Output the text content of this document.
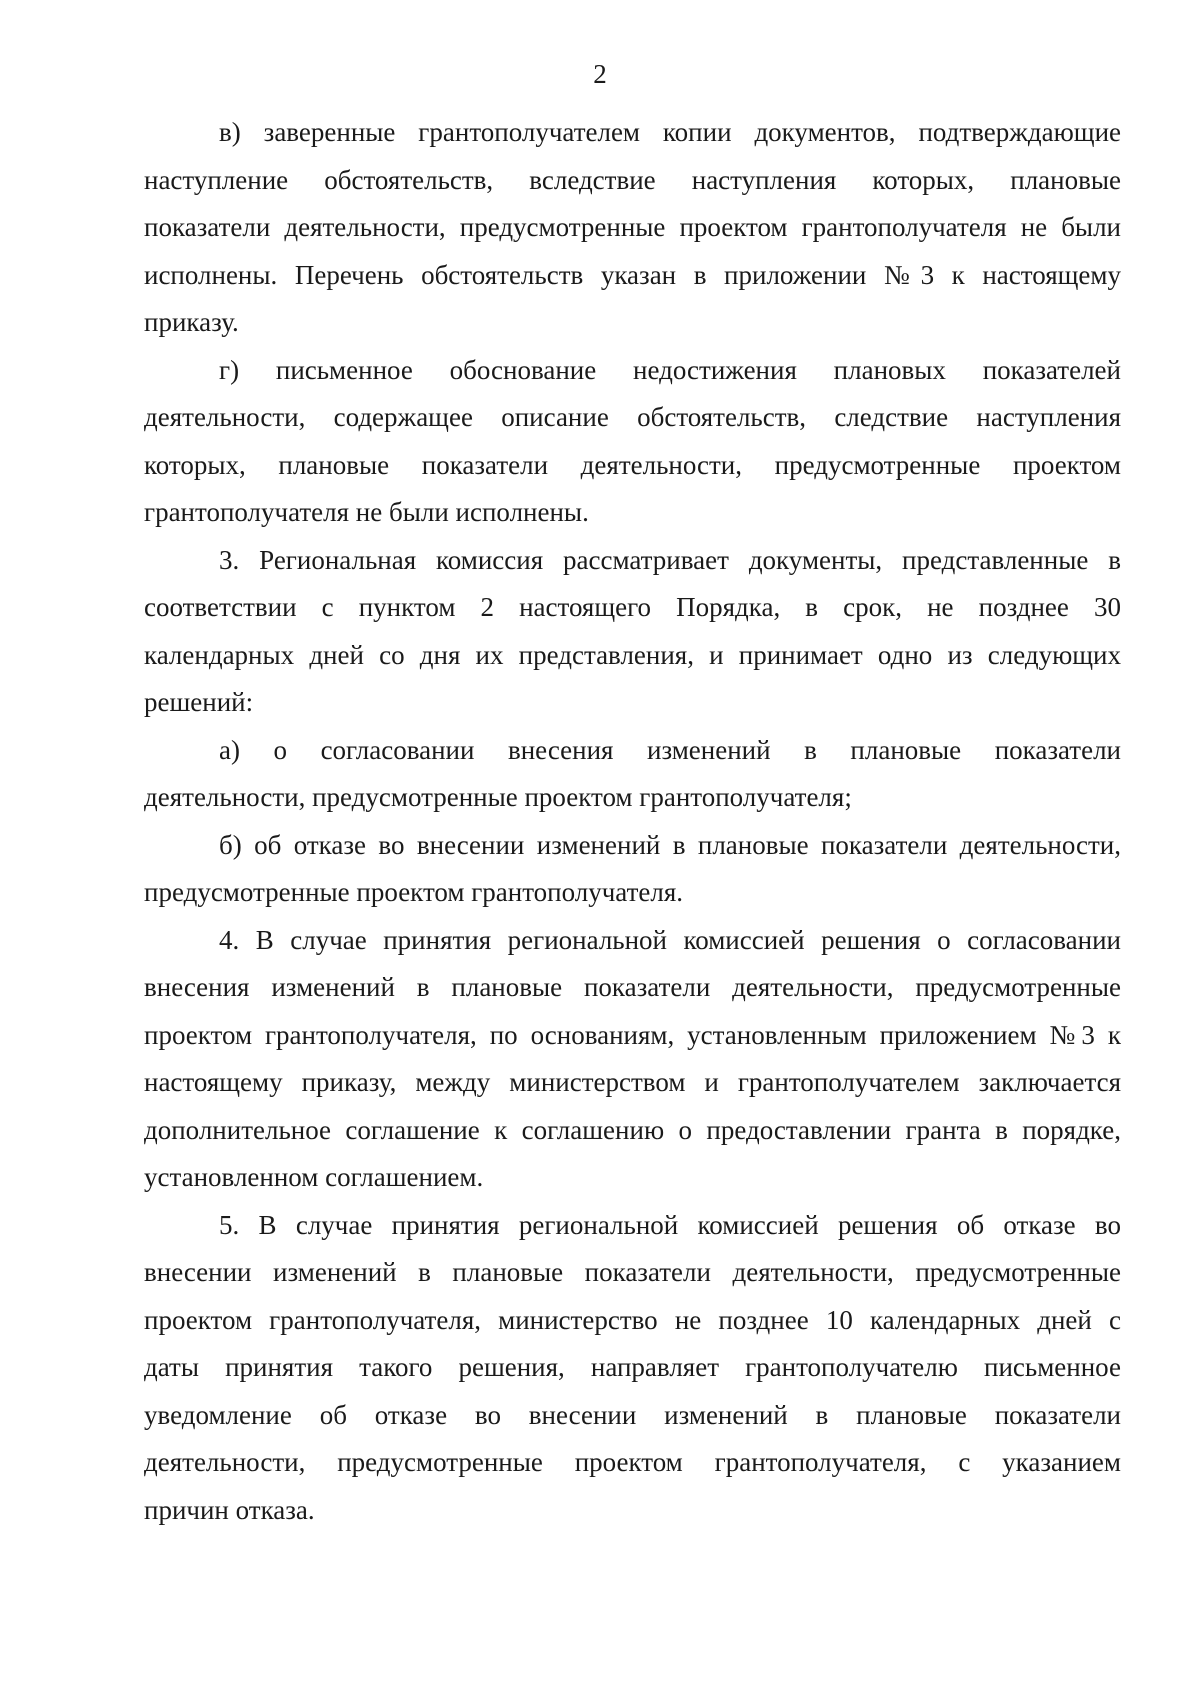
2
в) заверенные грантополучателем копии документов, подтверждающие
наступление обстоятельств, вследствие наступления которых, плановые
показатели деятельности, предусмотренные проектом грантополучателя не были
исполнены. Перечень обстоятельств указан в приложении №3 к настоящему
приказу.
г) письменное обоснование недостижения плановых показателей
деятельности, содержащее описание обстоятельств, следствие наступления
которых, плановые показатели деятельности, предусмотренные проектом
грантополучателя не были исполнены.
3. Региональная комиссия рассматривает документы, представленные в
соответствии с пунктом 2 настоящего Порядка, в срок, не позднее 30
календарных дней со дня их представления, и принимает одно из следующих
решений:
а) о согласовании внесения изменений в плановые показатели
деятельности, предусмотренные проектом грантополучателя;
б) об отказе во внесении изменений в плановые показатели деятельности,
предусмотренные проектом грантополучателя.
4. В случае принятия региональной комиссией решения о согласовании
внесения изменений в плановые показатели деятельности, предусмотренные
проектом грантополучателя, по основаниям, установленным приложением №3 к
настоящему приказу, между министерством и грантополучателем заключается
дополнительное соглашение к соглашению о предоставлении гранта в порядке,
установленном соглашением.
5. В случае принятия региональной комиссией решения об отказе во
внесении изменений в плановые показатели деятельности, предусмотренные
проектом грантополучателя, министерство не позднее 10 календарных дней с
даты принятия такого решения, направляет грантополучателю письменное
уведомление об отказе во внесении изменений в плановые показатели
деятельности, предусмотренные проектом грантополучателя, с указанием
причин отказа.
